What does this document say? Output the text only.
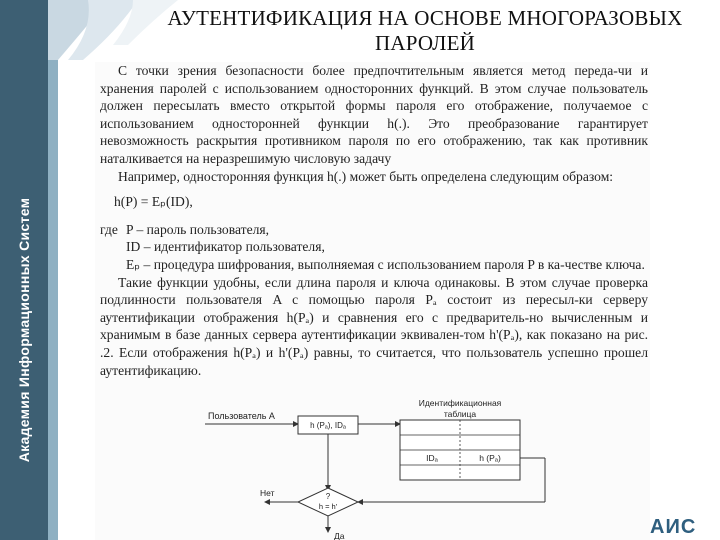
Академия Информационных Систем
АУТЕНТИФИКАЦИЯ НА ОСНОВЕ МНОГОРАЗОВЫХ ПАРОЛЕЙ

С точки зрения безопасности более предпочтительным является метод переда-чи и хранения паролей с использованием односторонних функций. В этом случае пользователь должен пересылать вместо открытой формы пароля его отображение, получаемое с использованием односторонней функции h(.). Это преобразование гарантирует невозможность раскрытия противником пароля по его отображению, так как противник наталкивается на неразрешимую числовую задачу

Например, односторонняя функция h(.) может быть определена следующим образом:

h(P) = Eₚ(ID),

где P – пароль пользователя,
ID – идентификатор пользователя,
Eₚ – процедура шифрования, выполняемая с использованием пароля P в ка-честве ключа.

Такие функции удобны, если длина пароля и ключа одинаковы. В этом случае проверка подлинности пользователя A с помощью пароля Pₐ состоит из пересыл-ки серверу аутентификации отображения h(Pₐ) и сравнения его с предваритель-но вычисленным и хранимым в базе данных сервера аутентификации эквивален-том h'(Pₐ), как показано на рис. .2. Если отображения h(Pₐ) и h'(Pₐ) равны, то считается, что пользователь успешно прошел аутентификацию.

Пользователь A
h (Pₐ), IDₐ
Идентификационная
таблица
IDₐ	h (Pₐ)
?
h = h'
Нет
Да	АИС
